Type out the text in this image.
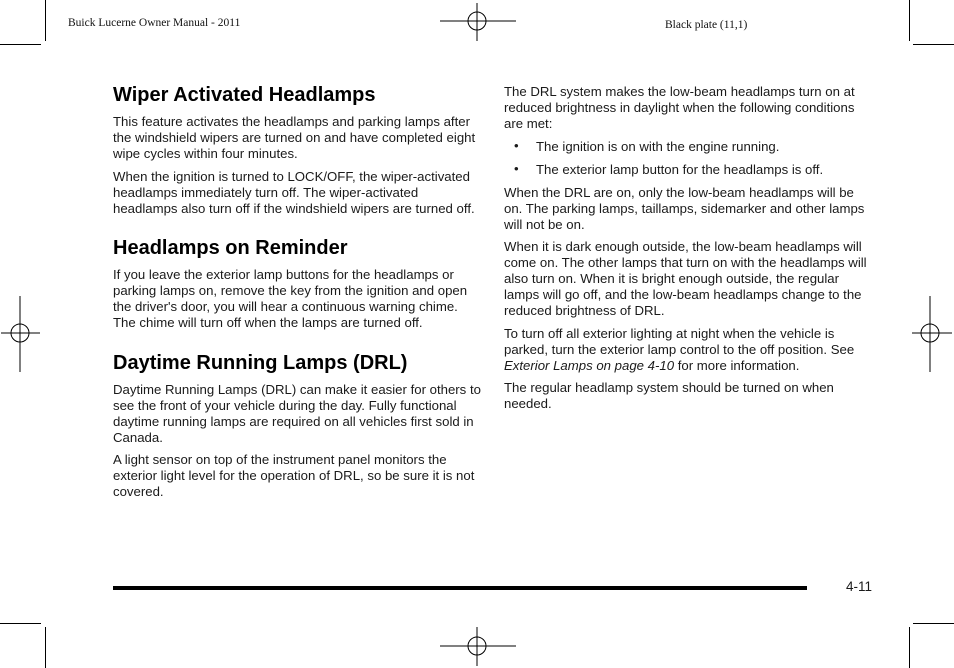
Buick Lucerne Owner Manual - 2011	Black plate (11,1)
Wiper Activated Headlamps

This feature activates the headlamps and parking lamps after the windshield wipers are turned on and have completed eight wipe cycles within four minutes.

When the ignition is turned to LOCK/OFF, the wiper-activated headlamps immediately turn off. The wiper-activated headlamps also turn off if the windshield wipers are turned off.

Headlamps on Reminder

If you leave the exterior lamp buttons for the headlamps or parking lamps on, remove the key from the ignition and open the driver's door, you will hear a continuous warning chime. The chime will turn off when the lamps are turned off.

Daytime Running Lamps (DRL)

Daytime Running Lamps (DRL) can make it easier for others to see the front of your vehicle during the day. Fully functional daytime running lamps are required on all vehicles first sold in Canada.

A light sensor on top of the instrument panel monitors the exterior light level for the operation of DRL, so be sure it is not covered.

The DRL system makes the low-beam headlamps turn on at reduced brightness in daylight when the following conditions are met:

• The ignition is on with the engine running.
• The exterior lamp button for the headlamps is off.

When the DRL are on, only the low-beam headlamps will be on. The parking lamps, taillamps, sidemarker and other lamps will not be on.

When it is dark enough outside, the low-beam headlamps will come on. The other lamps that turn on with the headlamps will also turn on. When it is bright enough outside, the regular lamps will go off, and the low-beam headlamps change to the reduced brightness of DRL.

To turn off all exterior lighting at night when the vehicle is parked, turn the exterior lamp control to the off position. See Exterior Lamps on page 4-10 for more information.

The regular headlamp system should be turned on when needed.

4-11
